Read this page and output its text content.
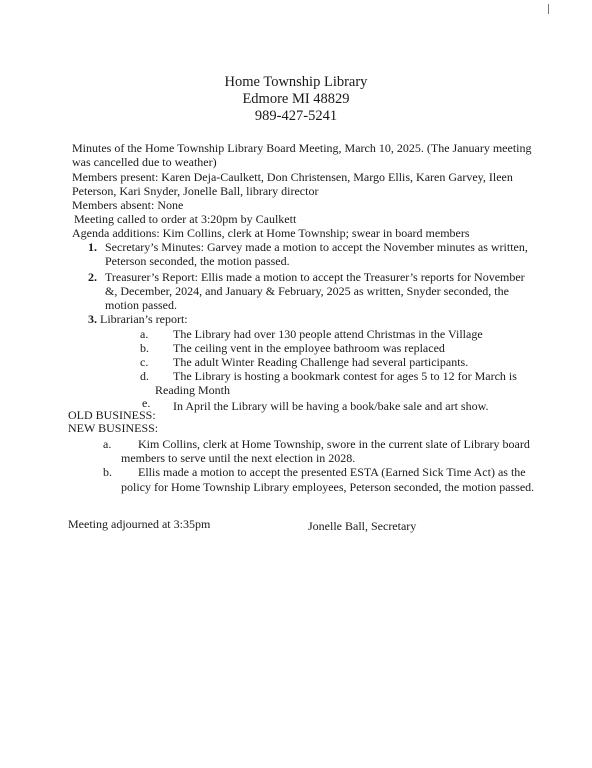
Home Township Library
Edmore MI 48829
989-427-5241
Minutes of the Home Township Library Board Meeting, March 10, 2025. (The January meeting
was cancelled due to weather)
Members present: Karen Deja-Caulkett, Don Christensen, Margo Ellis, Karen Garvey, Ileen
Peterson, Kari Snyder, Jonelle Ball, library director
Members absent: None
Meeting called to order at 3:20pm by Caulkett
Agenda additions: Kim Collins, clerk at Home Township; swear in board members
1. Secretary’s Minutes: Garvey made a motion to accept the November minutes as written,
Peterson seconded, the motion passed.
2. Treasurer’s Report: Ellis made a motion to accept the Treasurer’s reports for November
&, December, 2024, and January & February, 2025 as written, Snyder seconded, the
motion passed.
3. Librarian’s report:
a. The Library had over 130 people attend Christmas in the Village
b. The ceiling vent in the employee bathroom was replaced
c. The adult Winter Reading Challenge had several participants.
d. The Library is hosting a bookmark contest for ages 5 to 12 for March is
Reading Month
e. In April the Library will be having a book/bake sale and art show.
OLD BUSINESS:
NEW BUSINESS:
a. Kim Collins, clerk at Home Township, swore in the current slate of Library board
members to serve until the next election in 2028.
b. Ellis made a motion to accept the presented ESTA (Earned Sick Time Act) as the
policy for Home Township Library employees, Peterson seconded, the motion passed.
Meeting adjourned at 3:35pm	Jonelle Ball, Secretary
